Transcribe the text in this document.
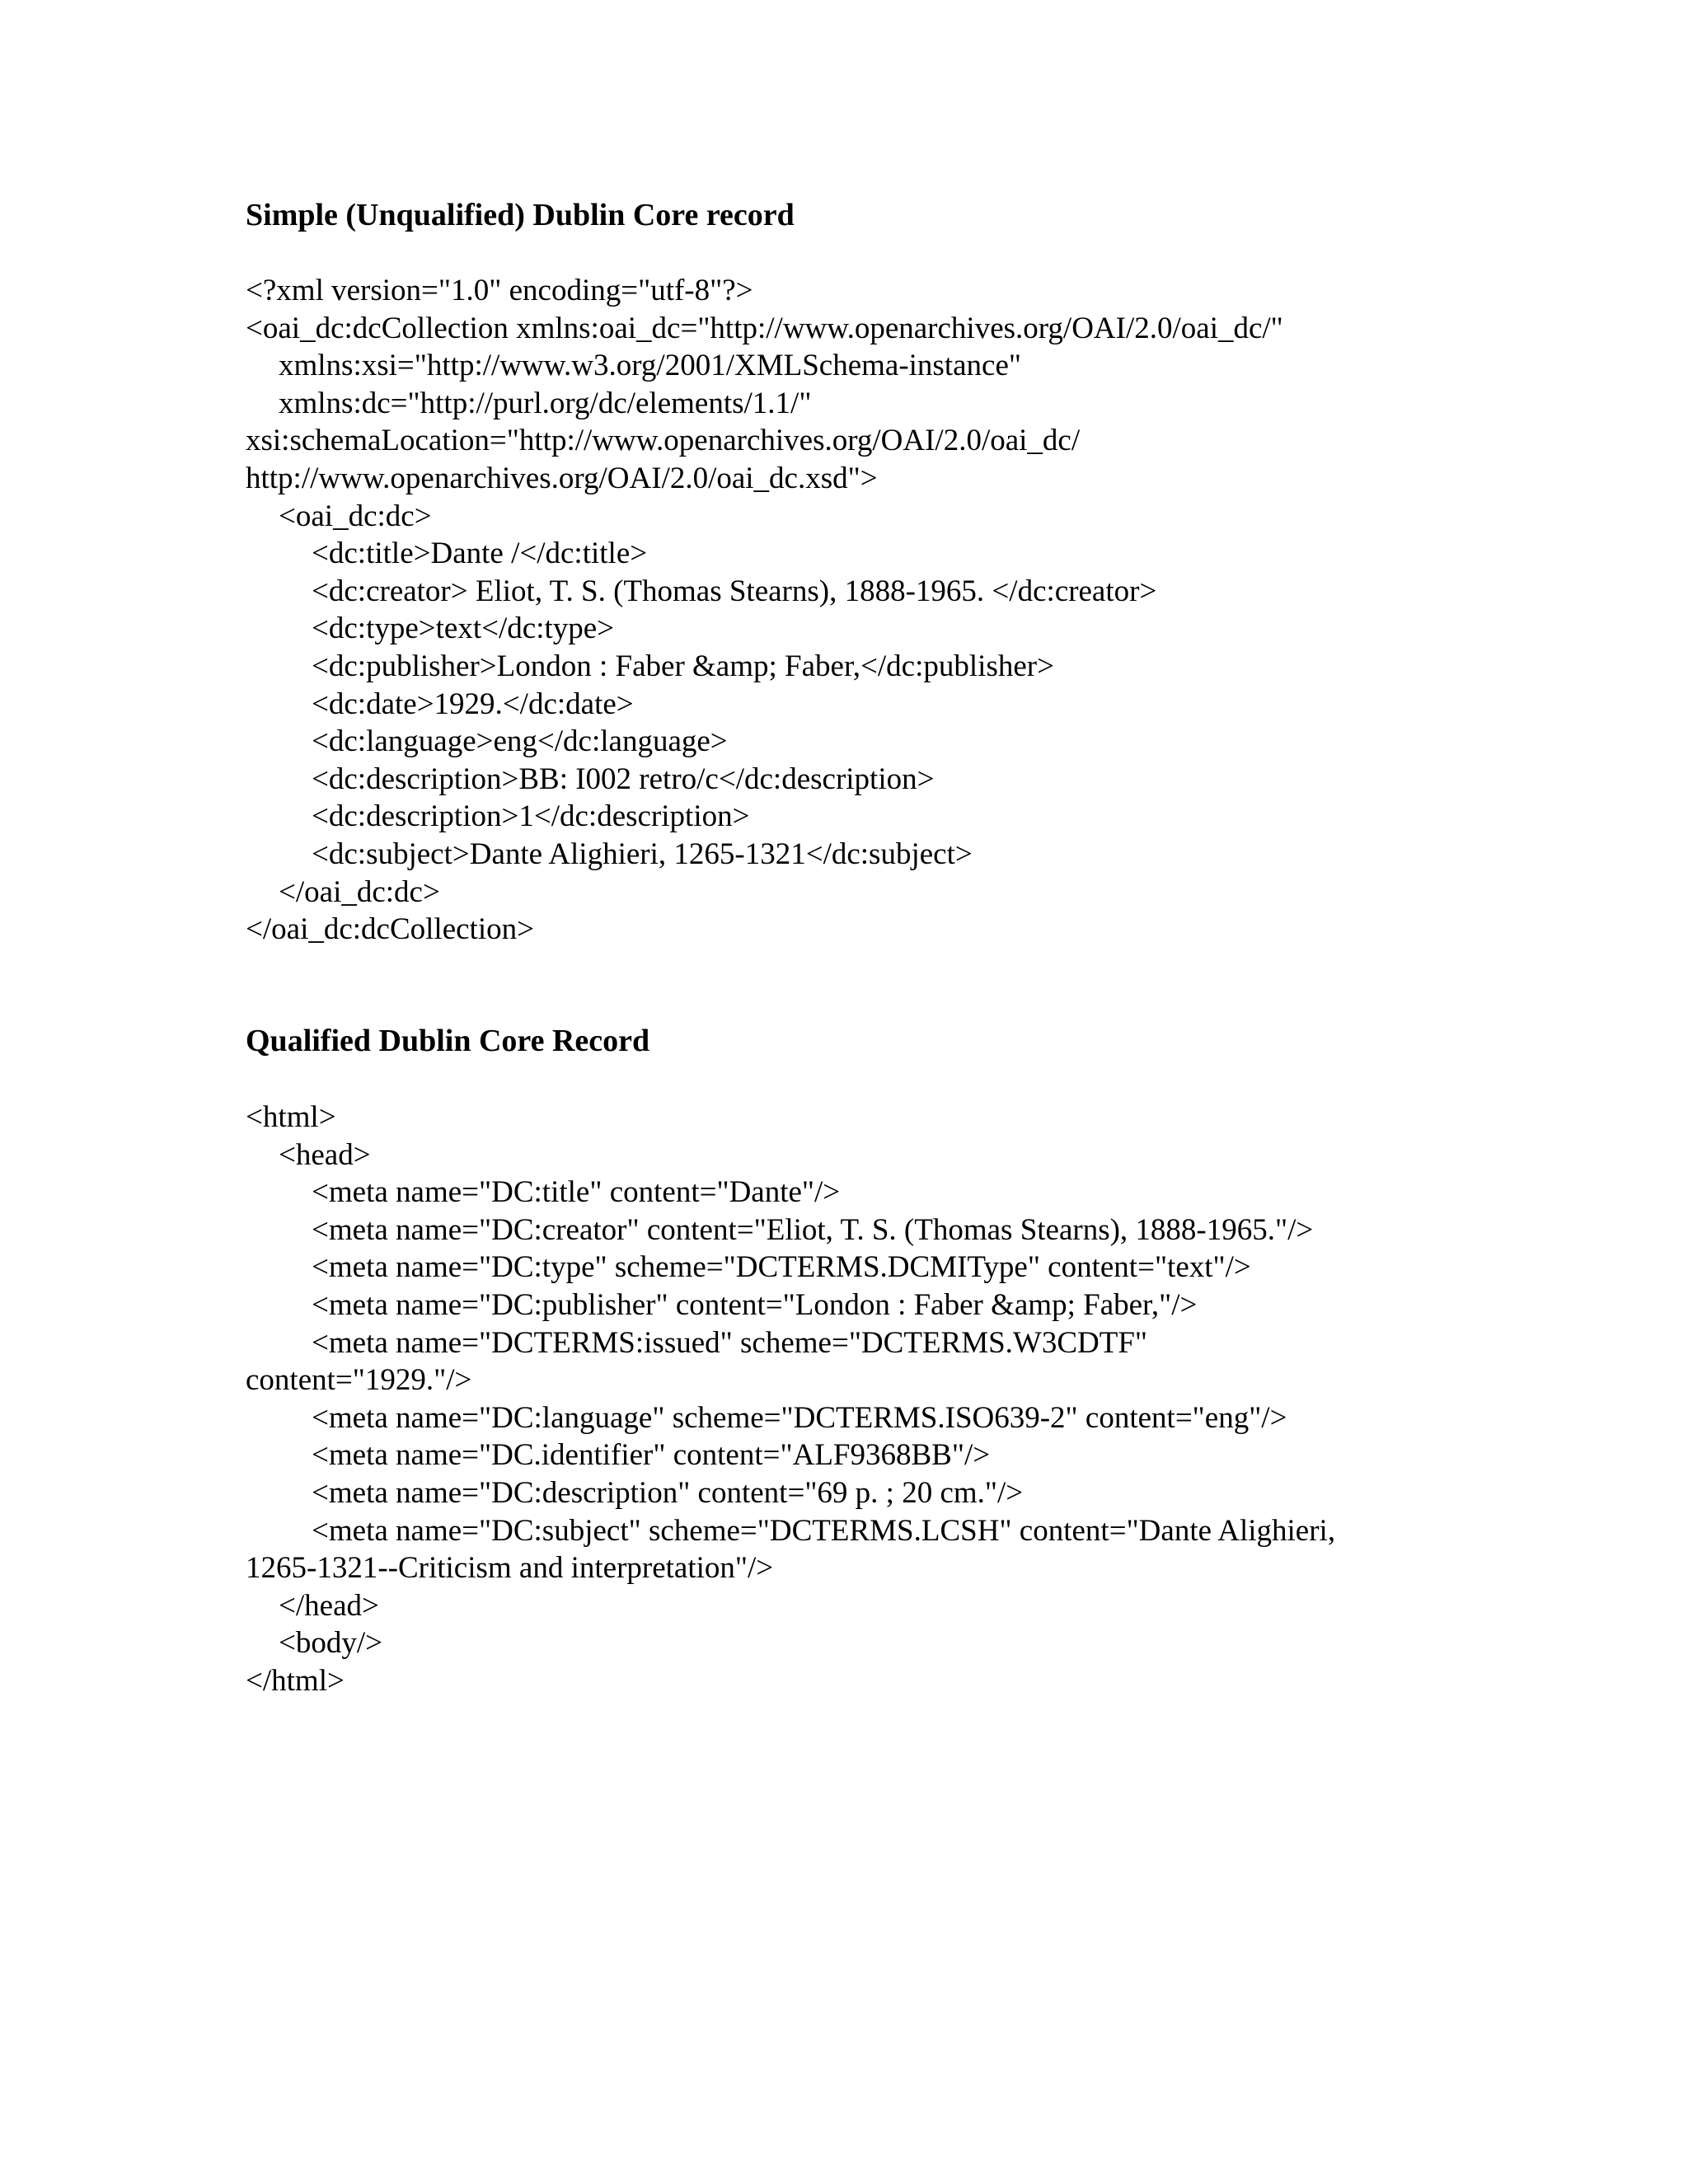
Simple (Unqualified) Dublin Core record
<?xml version="1.0" encoding="utf-8"?>
<oai_dc:dcCollection xmlns:oai_dc="http://www.openarchives.org/OAI/2.0/oai_dc/"
xmlns:xsi="http://www.w3.org/2001/XMLSchema-instance"
xmlns:dc="http://purl.org/dc/elements/1.1/"
xsi:schemaLocation="http://www.openarchives.org/OAI/2.0/oai_dc/
http://www.openarchives.org/OAI/2.0/oai_dc.xsd">
<oai_dc:dc>
<dc:title>Dante /</dc:title>
<dc:creator> Eliot, T. S. (Thomas Stearns), 1888-1965. </dc:creator>
<dc:type>text</dc:type>
<dc:publisher>London : Faber &amp; Faber,</dc:publisher>
<dc:date>1929.</dc:date>
<dc:language>eng</dc:language>
<dc:description>BB: I002 retro/c</dc:description>
<dc:description>1</dc:description>
<dc:subject>Dante Alighieri, 1265-1321</dc:subject>
</oai_dc:dc>
</oai_dc:dcCollection>
Qualified Dublin Core Record
<html>
<head>
<meta name="DC:title" content="Dante"/>
<meta name="DC:creator" content="Eliot, T. S. (Thomas Stearns), 1888-1965."/>
<meta name="DC:type" scheme="DCTERMS.DCMIType" content="text"/>
<meta name="DC:publisher" content="London : Faber &amp; Faber,"/>
<meta name="DCTERMS:issued" scheme="DCTERMS.W3CDTF"
content="1929."/>
<meta name="DC:language" scheme="DCTERMS.ISO639-2" content="eng"/>
<meta name="DC.identifier" content="ALF9368BB"/>
<meta name="DC:description" content="69 p. ; 20 cm."/>
<meta name="DC:subject" scheme="DCTERMS.LCSH" content="Dante Alighieri,
1265-1321--Criticism and interpretation"/>
</head>
<body/>
</html>
